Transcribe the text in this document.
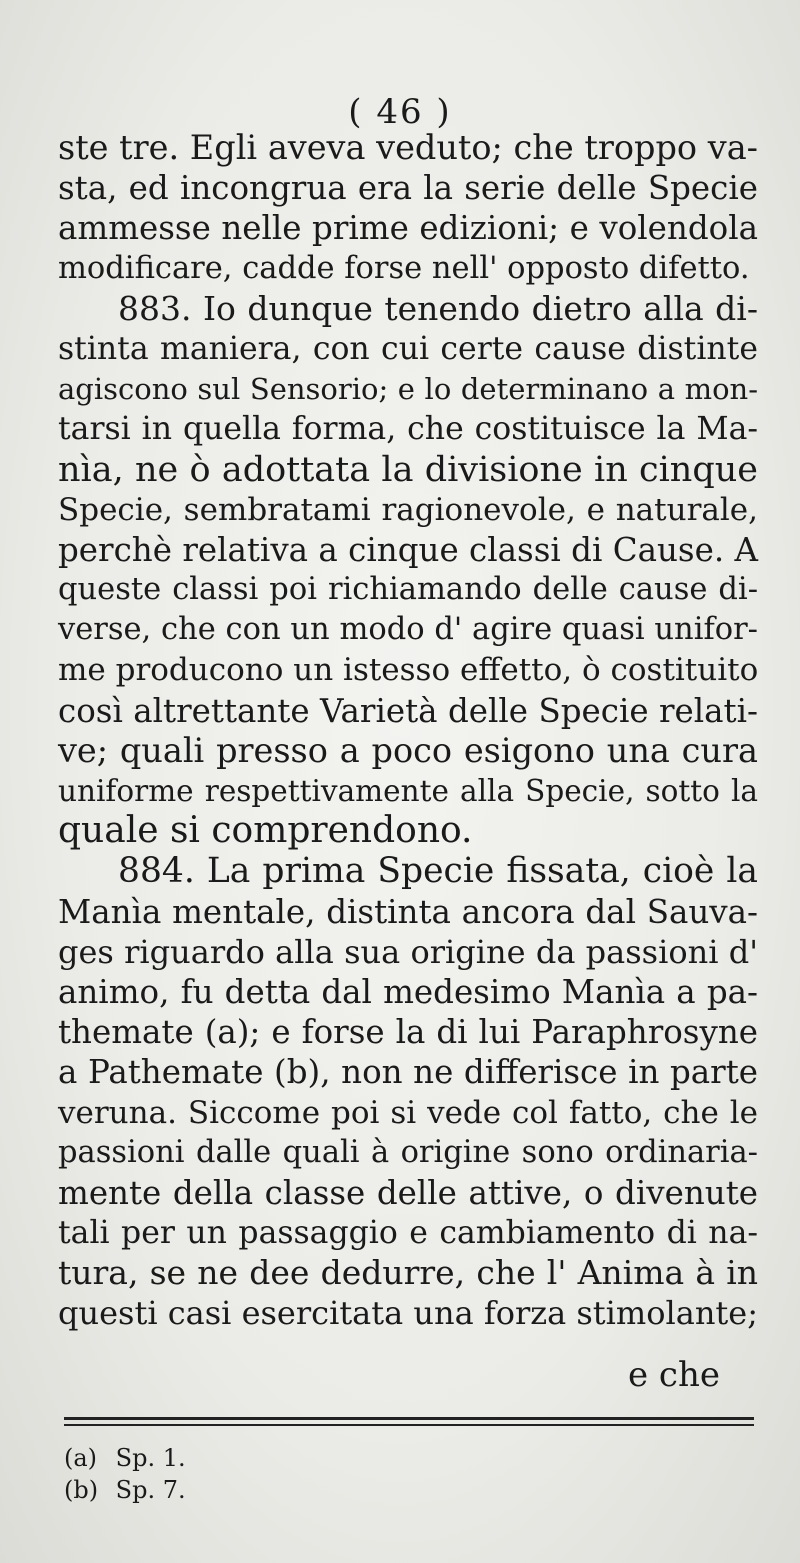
( 46 )
ste tre. Egli aveva veduto; che troppo va-
sta, ed incongrua era la serie delle Specie
ammesse nelle prime edizioni; e volendola
modificare, cadde forse nell' opposto difetto.
883. Io dunque tenendo dietro alla di-
stinta maniera, con cui certe cause distinte
agiscono sul Sensorio; e lo determinano a mon-
tarsi in quella forma, che costituisce la Ma-
nìa, ne ò adottata la divisione in cinque
Specie, sembratami ragionevole, e naturale,
perchè relativa a cinque classi di Cause. A
queste classi poi richiamando delle cause di-
verse, che con un modo d' agire quasi unifor-
me producono un istesso effetto, ò costituito
così altrettante Varietà delle Specie relati-
ve; quali presso a poco esigono una cura
uniforme respettivamente alla Specie, sotto la
quale si comprendono.
884. La prima Specie fissata, cioè la
Manìa mentale, distinta ancora dal Sauva-
ges riguardo alla sua origine da passioni d'
animo, fu detta dal medesimo Manìa a pa-
themate (a); e forse la di lui Paraphrosyne
a Pathemate (b), non ne differisce in parte
veruna. Siccome poi si vede col fatto, che le
passioni dalle quali à origine sono ordinaria-
mente della classe delle attive, o divenute
tali per un passaggio e cambiamento di na-
tura, se ne dee dedurre, che l' Anima à in
questi casi esercitata una forza stimolante;
e che
(a) Sp. 1.
(b) Sp. 7.
